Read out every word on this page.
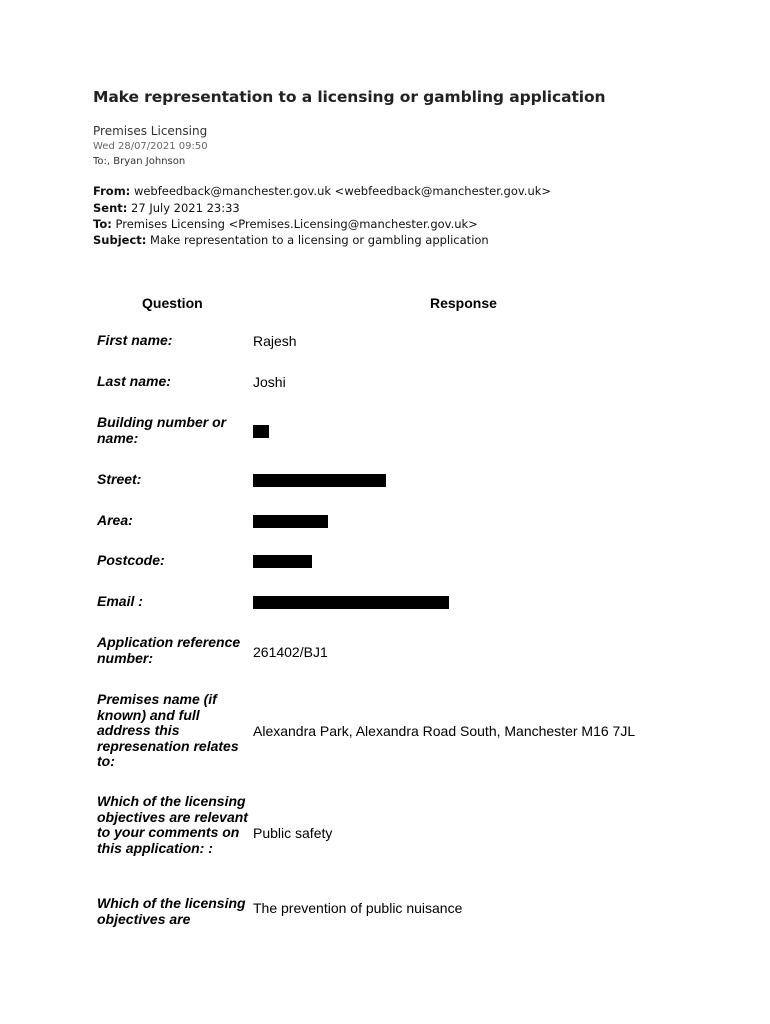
Make representation to a licensing or gambling application
Premises Licensing
Wed 28/07/2021 09:50
To:, Bryan Johnson
From: webfeedback@manchester.gov.uk <webfeedback@manchester.gov.uk>
Sent: 27 July 2021 23:33
To: Premises Licensing <Premises.Licensing@manchester.gov.uk>
Subject: Make representation to a licensing or gambling application
Question	Response
First name:	Rajesh
Last name:	Joshi
Building number or name:
Street:
Area:
Postcode:
Email :
Application reference number:	261402/BJ1
Premises name (if known) and full address this represenation relates to:
Alexandra Park, Alexandra Road South, Manchester M16 7JL
Which of the licensing objectives are relevant to your comments on this application: :
Public safety
Which of the licensing objectives are
The prevention of public nuisance
